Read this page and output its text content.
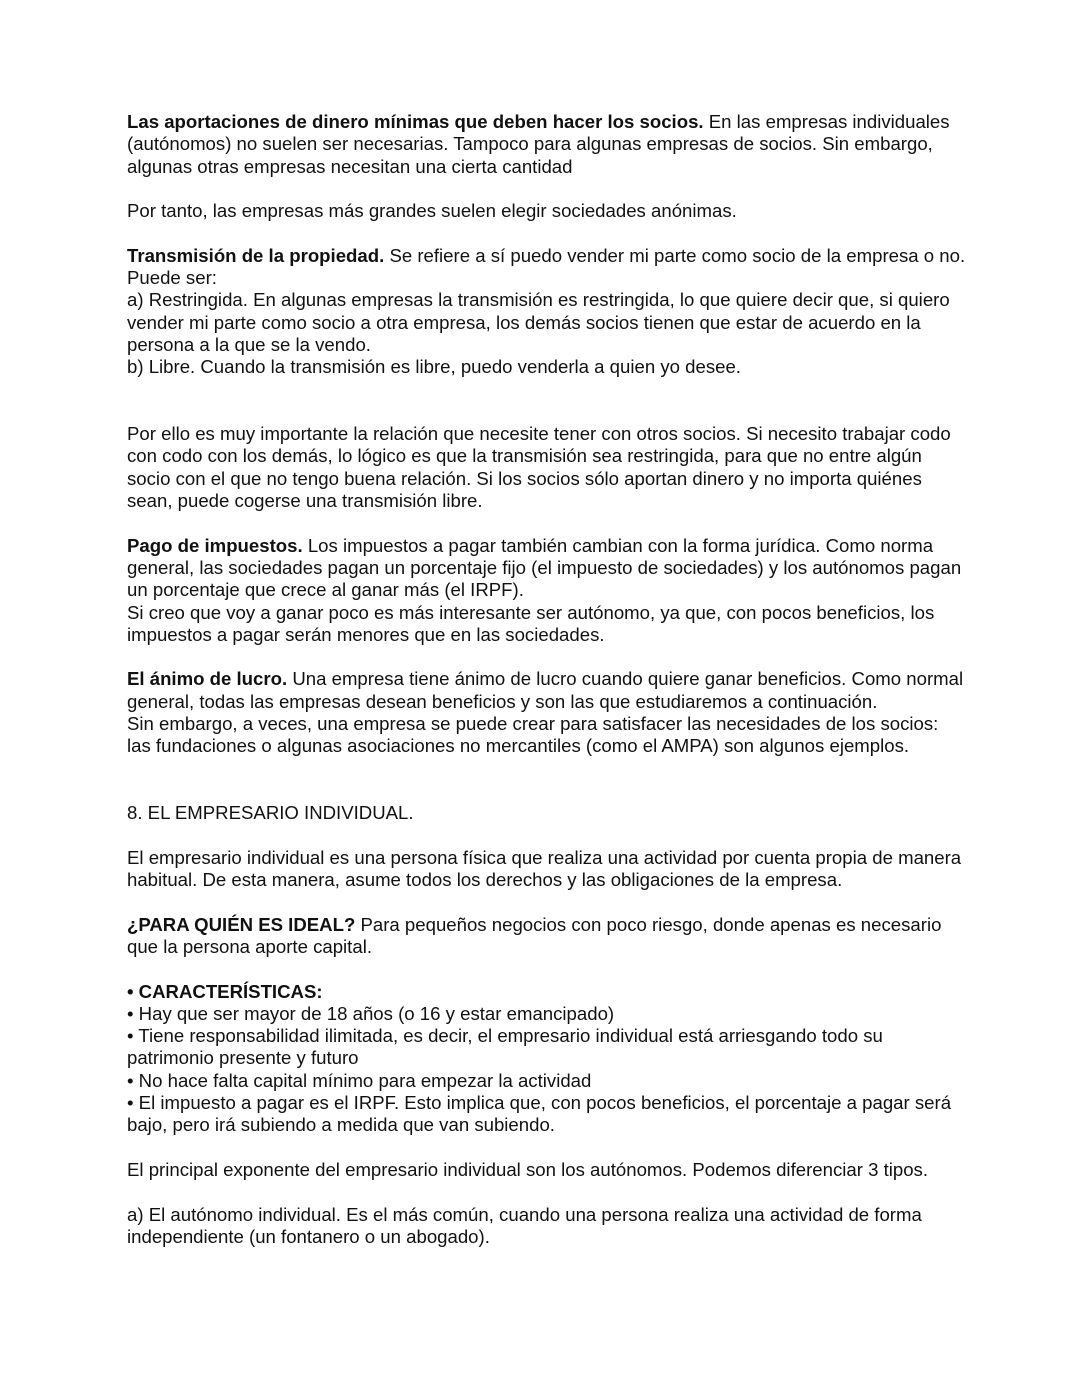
Las aportaciones de dinero mínimas que deben hacer los socios. En las empresas individuales (autónomos) no suelen ser necesarias. Tampoco para algunas empresas de socios. Sin embargo, algunas otras empresas necesitan una cierta cantidad

Por tanto, las empresas más grandes suelen elegir sociedades anónimas.

Transmisión de la propiedad. Se refiere a sí puedo vender mi parte como socio de la empresa o no. Puede ser:
a) Restringida. En algunas empresas la transmisión es restringida, lo que quiere decir que, si quiero vender mi parte como socio a otra empresa, los demás socios tienen que estar de acuerdo en la persona a la que se la vendo.
b) Libre. Cuando la transmisión es libre, puedo venderla a quien yo desee.

Por ello es muy importante la relación que necesite tener con otros socios. Si necesito trabajar codo con codo con los demás, lo lógico es que la transmisión sea restringida, para que no entre algún socio con el que no tengo buena relación. Si los socios sólo aportan dinero y no importa quiénes sean, puede cogerse una transmisión libre.

Pago de impuestos. Los impuestos a pagar también cambian con la forma jurídica. Como norma general, las sociedades pagan un porcentaje fijo (el impuesto de sociedades) y los autónomos pagan un porcentaje que crece al ganar más (el IRPF).
Si creo que voy a ganar poco es más interesante ser autónomo, ya que, con pocos beneficios, los impuestos a pagar serán menores que en las sociedades.

El ánimo de lucro. Una empresa tiene ánimo de lucro cuando quiere ganar beneficios. Como normal general, todas las empresas desean beneficios y son las que estudiaremos a continuación.
Sin embargo, a veces, una empresa se puede crear para satisfacer las necesidades de los socios: las fundaciones o algunas asociaciones no mercantiles (como el AMPA) son algunos ejemplos.

8. EL EMPRESARIO INDIVIDUAL.

El empresario individual es una persona física que realiza una actividad por cuenta propia de manera habitual. De esta manera, asume todos los derechos y las obligaciones de la empresa.

¿PARA QUIÉN ES IDEAL? Para pequeños negocios con poco riesgo, donde apenas es necesario que la persona aporte capital.

• CARACTERÍSTICAS:
• Hay que ser mayor de 18 años (o 16 y estar emancipado)
• Tiene responsabilidad ilimitada, es decir, el empresario individual está arriesgando todo su patrimonio presente y futuro
• No hace falta capital mínimo para empezar la actividad
• El impuesto a pagar es el IRPF. Esto implica que, con pocos beneficios, el porcentaje a pagar será bajo, pero irá subiendo a medida que van subiendo.

El principal exponente del empresario individual son los autónomos. Podemos diferenciar 3 tipos.

a) El autónomo individual. Es el más común, cuando una persona realiza una actividad de forma independiente (un fontanero o un abogado).
